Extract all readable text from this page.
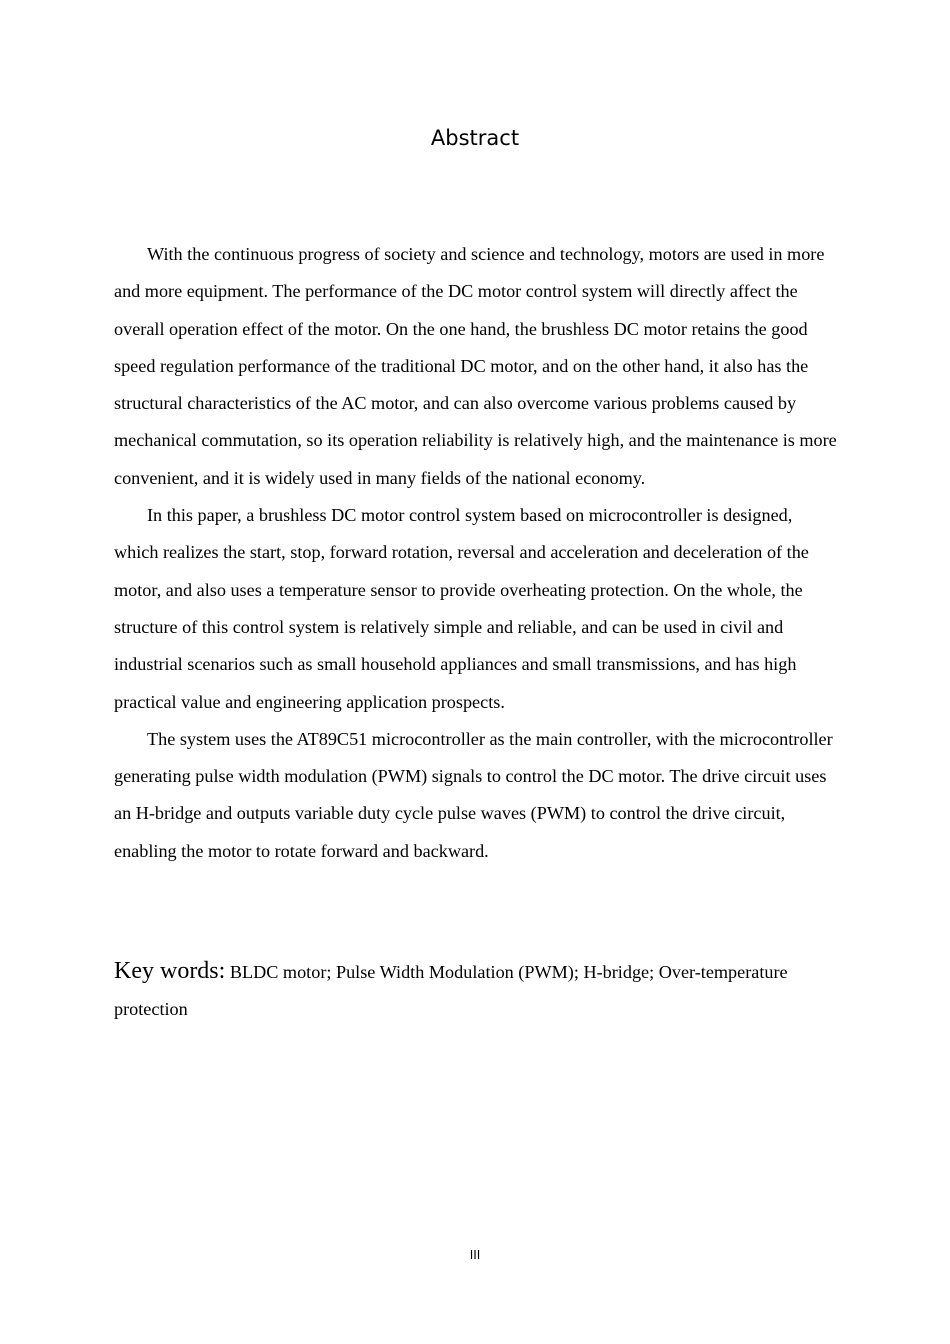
Abstract

With the continuous progress of society and science and technology, motors are used in more and more equipment. The performance of the DC motor control system will directly affect the overall operation effect of the motor. On the one hand, the brushless DC motor retains the good speed regulation performance of the traditional DC motor, and on the other hand, it also has the structural characteristics of the AC motor, and can also overcome various problems caused by mechanical commutation, so its operation reliability is relatively high, and the maintenance is more convenient, and it is widely used in many fields of the national economy.

In this paper, a brushless DC motor control system based on microcontroller is designed, which realizes the start, stop, forward rotation, reversal and acceleration and deceleration of the motor, and also uses a temperature sensor to provide overheating protection. On the whole, the structure of this control system is relatively simple and reliable, and can be used in civil and industrial scenarios such as small household appliances and small transmissions, and has high practical value and engineering application prospects.

The system uses the AT89C51 microcontroller as the main controller, with the microcontroller generating pulse width modulation (PWM) signals to control the DC motor. The drive circuit uses an H-bridge and outputs variable duty cycle pulse waves (PWM) to control the drive circuit, enabling the motor to rotate forward and backward.

Key words: BLDC motor; Pulse Width Modulation (PWM); H-bridge; Over-temperature protection
III
